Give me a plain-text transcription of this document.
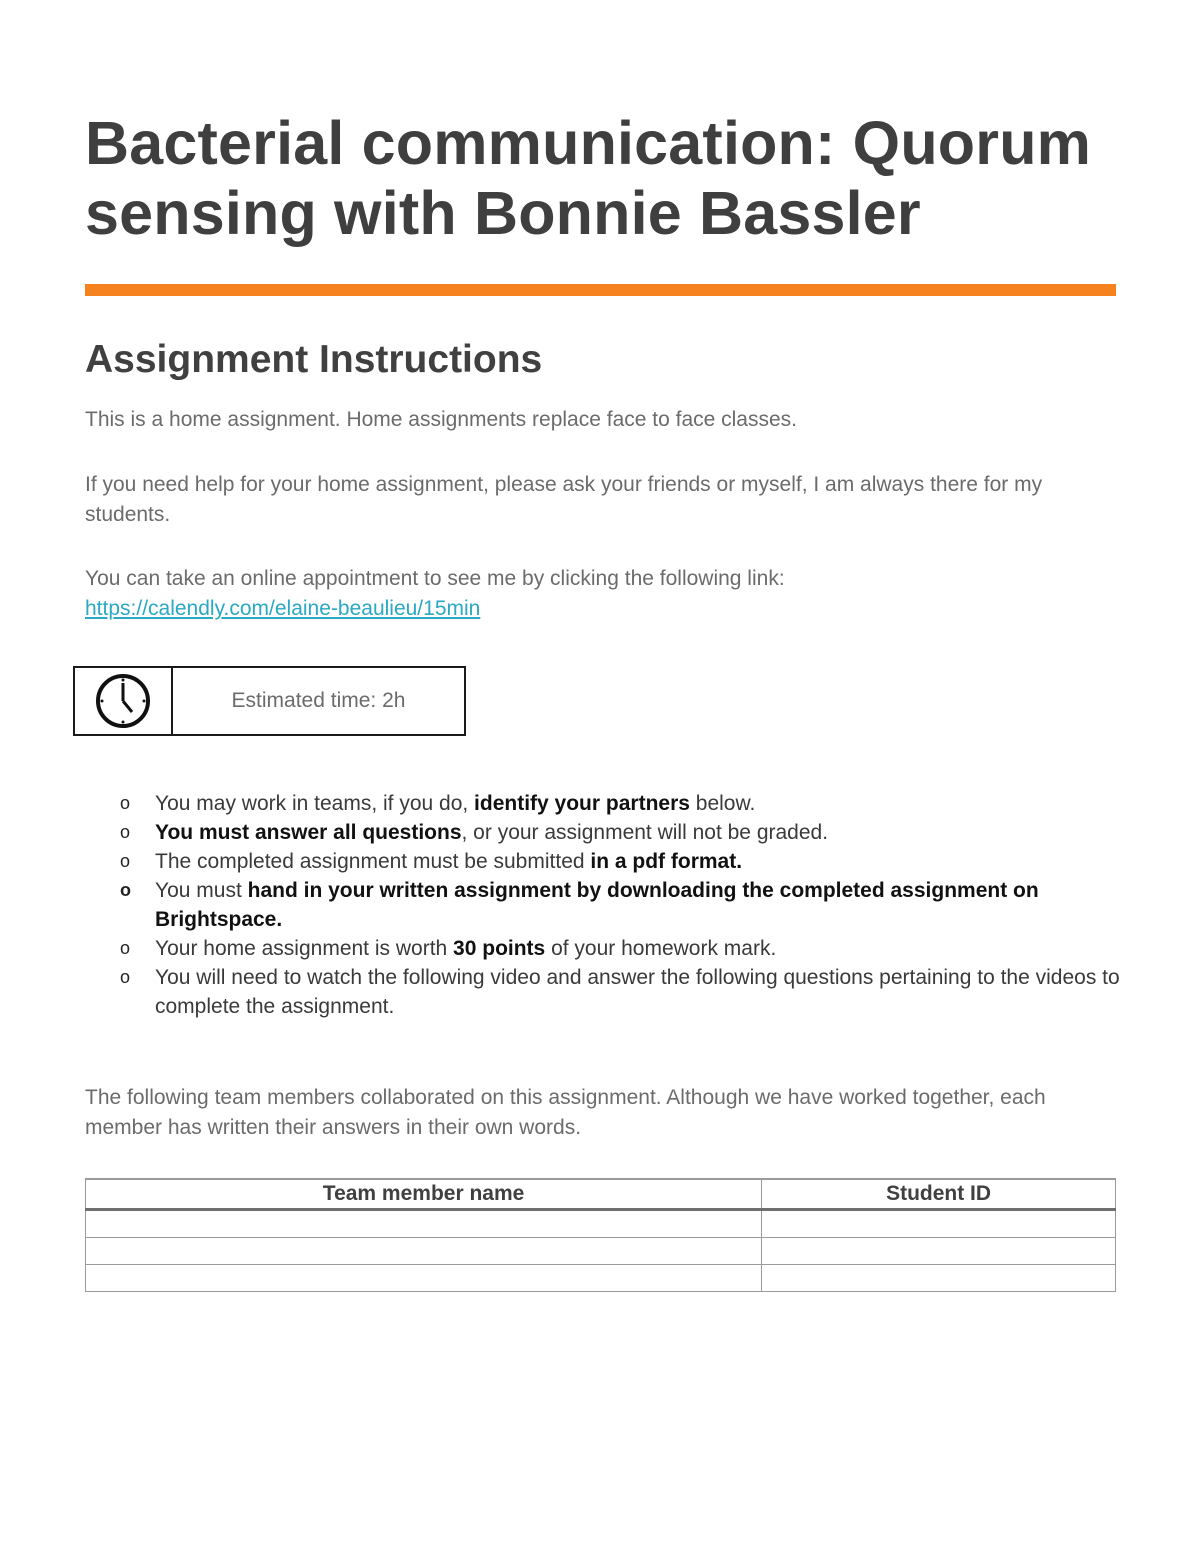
Bacterial communication: Quorum sensing with Bonnie Bassler
Assignment Instructions

This is a home assignment. Home assignments replace face to face classes.

If you need help for your home assignment, please ask your friends or myself, I am always there for my students.

You can take an online appointment to see me by clicking the following link:
https://calendly.com/elaine-beaulieu/15min

Estimated time: 2h
o	You may work in teams, if you do, identify your partners below.
o	You must answer all questions, or your assignment will not be graded.
o	The completed assignment must be submitted in a pdf format.
o	You must hand in your written assignment by downloading the completed assignment on Brightspace.
o	Your home assignment is worth 30 points of your homework mark.
o	You will need to watch the following video and answer the following questions pertaining to the videos to complete the assignment.

The following team members collaborated on this assignment. Although we have worked together, each member has written their answers in their own words.

Team member name	Student ID
